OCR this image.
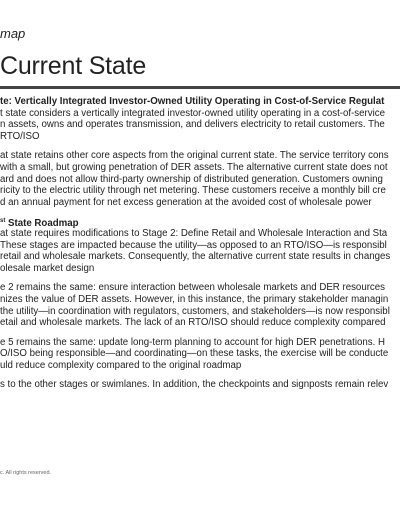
map
Current State
te: Vertically Integrated Investor-Owned Utility Operating in Cost-of-Service Regulat
t state considers a vertically integrated investor-owned utility operating in a cost-of-service
n assets, owns and operates transmission, and delivers electricity to retail customers. The
RTO/ISO
at state retains other core aspects from the original current state. The service territory cons
with a small, but growing penetration of DER assets. The alternative current state does not
ard and does not allow third-party ownership of distributed generation. Customers owning
ricity to the electric utility through net metering. These customers receive a monthly bill cre
d an annual payment for net excess generation at the avoided cost of wholesale power
$^{st}$ State Roadmap
at state requires modifications to Stage 2: Define Retail and Wholesale Interaction and Sta
These stages are impacted because the utility—as opposed to an RTO/ISO—is responsibl
retail and wholesale markets. Consequently, the alternative current state results in changes
olesale market design
e 2 remains the same: ensure interaction between wholesale markets and DER resources
nizes the value of DER assets. However, in this instance, the primary stakeholder managin
the utility—in coordination with regulators, customers, and stakeholders—is now responsibl
etail and wholesale markets. The lack of an RTO/ISO should reduce complexity compared
e 5 remains the same: update long-term planning to account for high DER penetrations. H
O/ISO being responsible—and coordinating—on these tasks, the exercise will be conducte
uld reduce complexity compared to the original roadmap
s to the other stages or swimlanes. In addition, the checkpoints and signposts remain relev
c. All rights reserved.
